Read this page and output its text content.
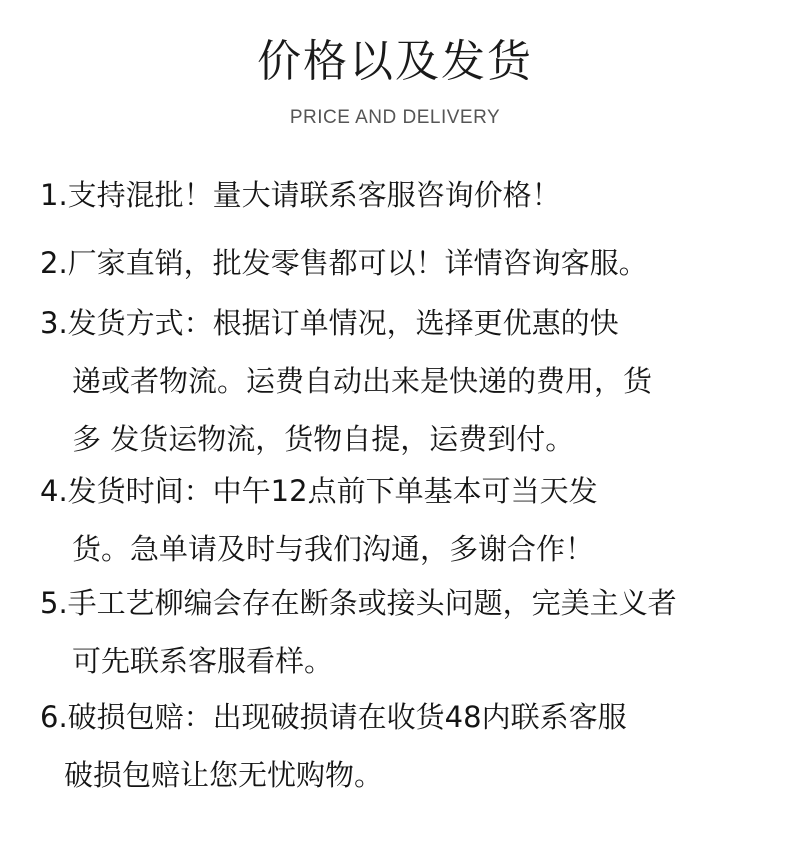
价格以及发货
PRICE AND DELIVERY
1.支持混批！量大请联系客服咨询价格！
2.厂家直销，批发零售都可以！详情咨询客服。
3.发货方式：根据订单情况，选择更优惠的快
递或者物流。运费自动出来是快递的费用，货
多 发货运物流，货物自提，运费到付。
4.发货时间：中午12点前下单基本可当天发
货。急单请及时与我们沟通，多谢合作！
5.手工艺柳编会存在断条或接头问题，完美主义者
可先联系客服看样。
6.破损包赔：出现破损请在收货48内联系客服
破损包赔让您无忧购物。
